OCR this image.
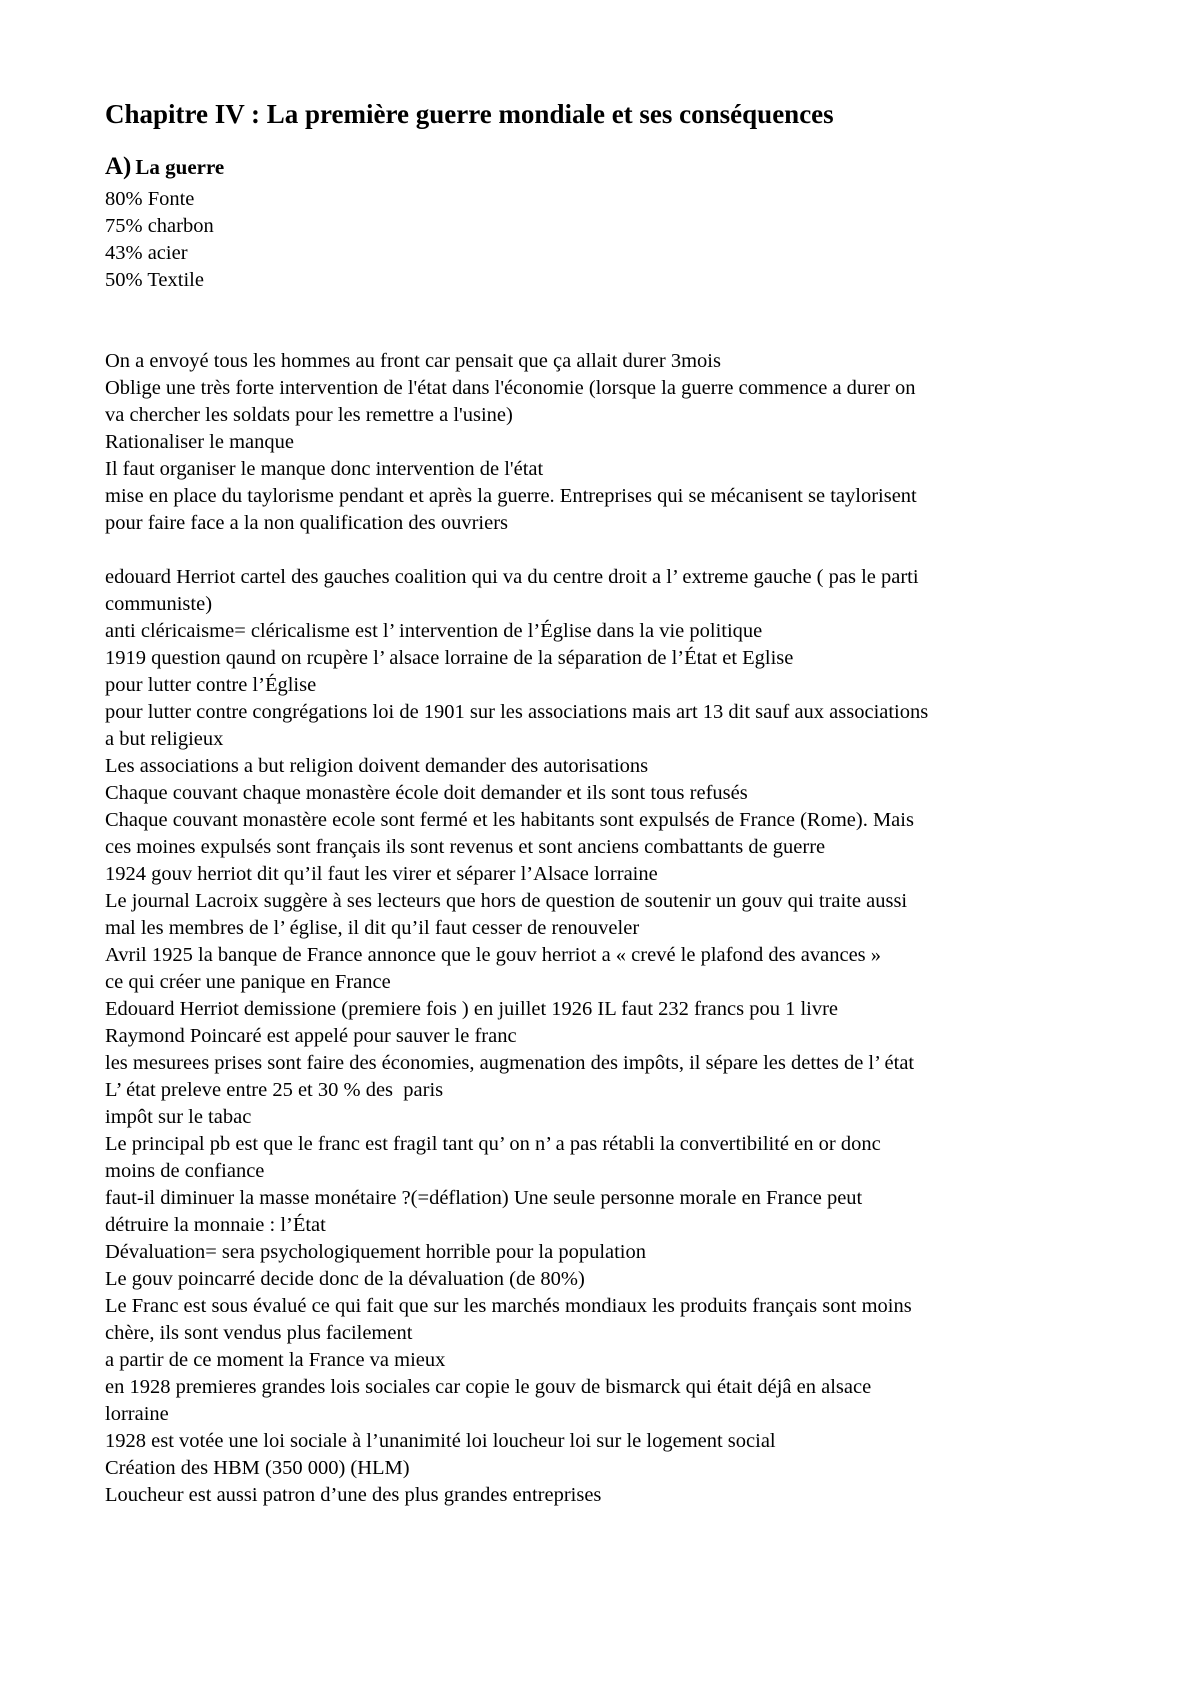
Chapitre IV : La première guerre mondiale et ses conséquences

A) La guerre

80% Fonte
75% charbon
43% acier
50% Textile
On a envoyé tous les hommes au front car pensait que ça allait durer 3mois
Oblige une très forte intervention de l'état dans l'économie (lorsque la guerre commence a durer on
va chercher les soldats pour les remettre a l'usine)
Rationaliser le manque
Il faut organiser le manque donc intervention de l'état
mise en place du taylorisme pendant et après la guerre. Entreprises qui se mécanisent se taylorisent
pour faire face a la non qualification des ouvriers
edouard Herriot cartel des gauches coalition qui va du centre droit a l’ extreme gauche ( pas le parti
communiste)
anti cléricaisme= cléricalisme est l’ intervention de l’Église dans la vie politique
1919 question qaund on rcupère l’ alsace lorraine de la séparation de l’État et Eglise
pour lutter contre l’Église
pour lutter contre congrégations loi de 1901 sur les associations mais art 13 dit sauf aux associations
a but religieux
Les associations a but religion doivent demander des autorisations
Chaque couvant chaque monastère école doit demander et ils sont tous refusés
Chaque couvant monastère ecole sont fermé et les habitants sont expulsés de France (Rome). Mais
ces moines expulsés sont français ils sont revenus et sont anciens combattants de guerre
1924 gouv herriot dit qu’il faut les virer et séparer l’Alsace lorraine
Le journal Lacroix suggère à ses lecteurs que hors de question de soutenir un gouv qui traite aussi
mal les membres de l’ église, il dit qu’il faut cesser de renouveler
Avril 1925 la banque de France annonce que le gouv herriot a « crevé le plafond des avances »
ce qui créer une panique en France
Edouard Herriot demissione (premiere fois ) en juillet 1926 IL faut 232 francs pou 1 livre
Raymond Poincaré est appelé pour sauver le franc
les mesurees prises sont faire des économies, augmenation des impôts, il sépare les dettes de l’ état
L’ état preleve entre 25 et 30 % des  paris
impôt sur le tabac
Le principal pb est que le franc est fragil tant qu’ on n’ a pas rétabli la convertibilité en or donc
moins de confiance
faut-il diminuer la masse monétaire ?(=déflation) Une seule personne morale en France peut
détruire la monnaie : l’État
Dévaluation= sera psychologiquement horrible pour la population
Le gouv poincarré decide donc de la dévaluation (de 80%)
Le Franc est sous évalué ce qui fait que sur les marchés mondiaux les produits français sont moins
chère, ils sont vendus plus facilement
a partir de ce moment la France va mieux
en 1928 premieres grandes lois sociales car copie le gouv de bismarck qui était déjâ en alsace
lorraine
1928 est votée une loi sociale à l’unanimité loi loucheur loi sur le logement social
Création des HBM (350 000) (HLM)
Loucheur est aussi patron d’une des plus grandes entreprises
